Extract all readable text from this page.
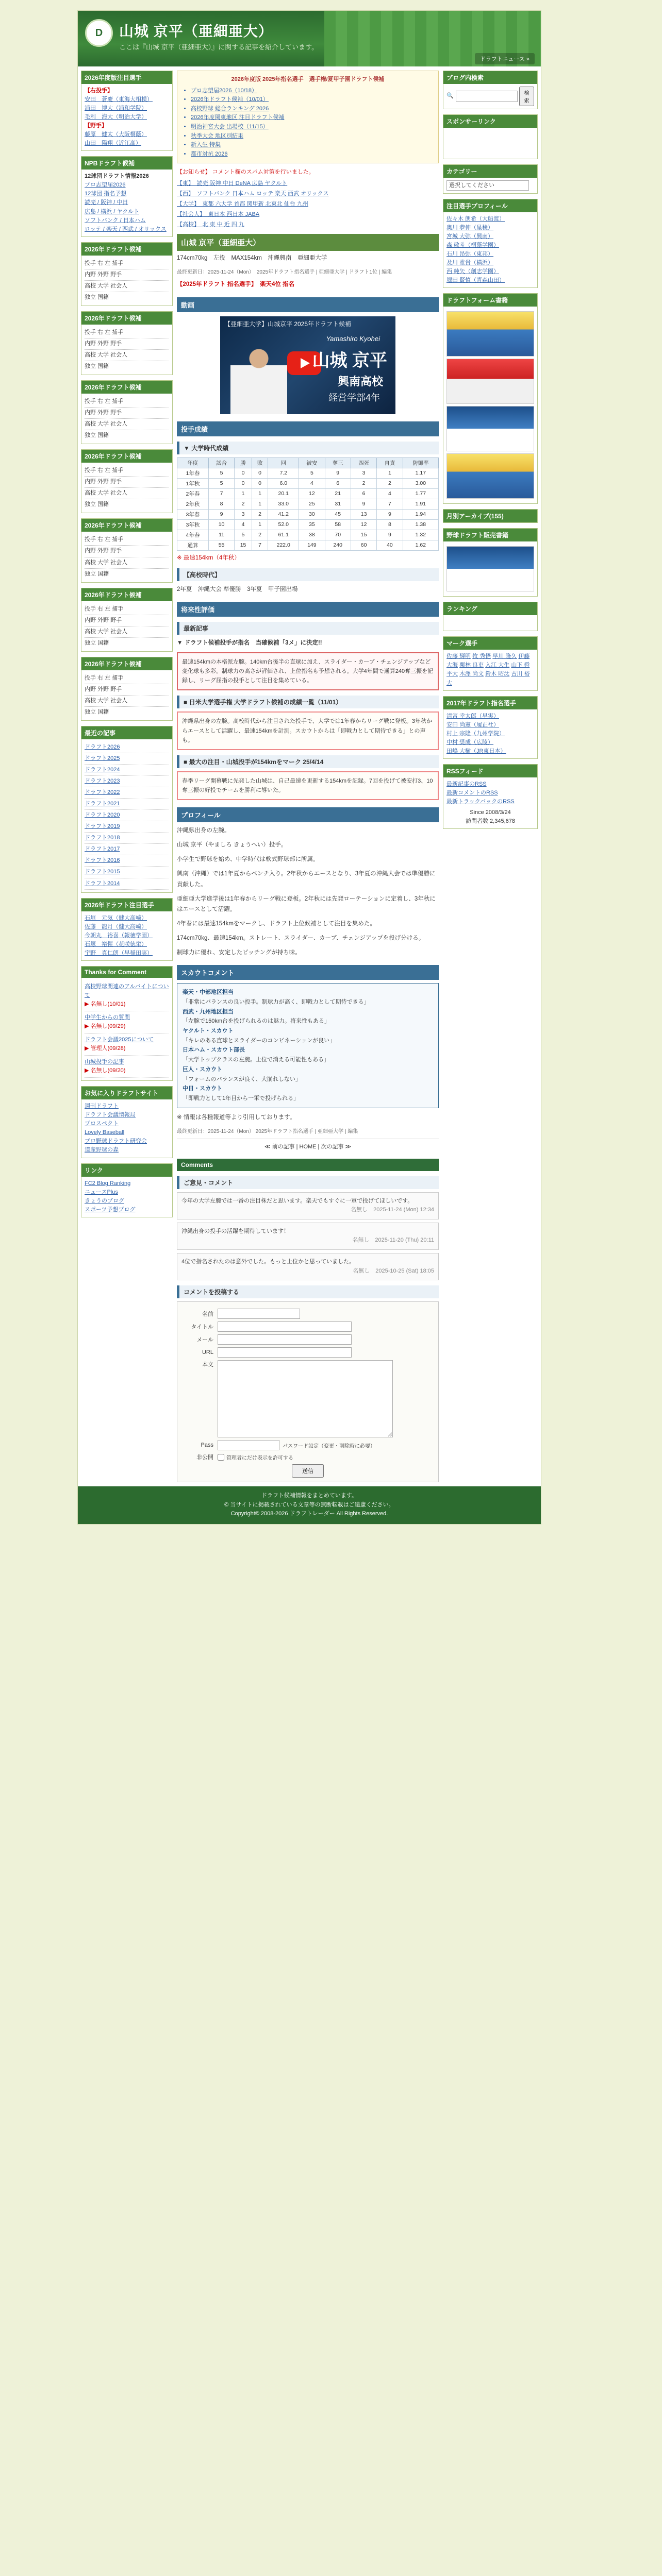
D	山城 京平（亜細亜大）
ここは『山城 京平（亜細亜大）』に関する記事を紹介しています。
ドラフトニュース »
2026年度版注目選手
【右投手】
安田　蒼慶（東海大相模）
浦田　博大（浦和学院）
毛利　海大（明治大学）
【野手】
藤原　健太（大阪桐蔭）
山田　陽翔（近江高）
NPBドラフト候補
12球団ドラフト情報2026
プロ志望届2026
12球団 指名予想
読売 / 阪神 / 中日
広島 / 横浜 / ヤクルト
ソフトバンク / 日本ハム
ロッテ / 楽天 / 西武 / オリックス
2026年ドラフト候補
投手 右 左 捕手
内野 外野 野手
高校 大学 社会人
独立 国籍
2026年ドラフト候補
投手 右 左 捕手
内野 外野 野手
高校 大学 社会人
独立 国籍
2026年ドラフト候補
投手 右 左 捕手
内野 外野 野手
高校 大学 社会人
独立 国籍
2026年ドラフト候補
投手 右 左 捕手
内野 外野 野手
高校 大学 社会人
独立 国籍
2026年ドラフト候補
投手 右 左 捕手
内野 外野 野手
高校 大学 社会人
独立 国籍
2026年ドラフト候補
投手 右 左 捕手
内野 外野 野手
高校 大学 社会人
独立 国籍
2026年ドラフト候補
投手 右 左 捕手
内野 外野 野手
高校 大学 社会人
独立 国籍
最近の記事
ドラフト2026
ドラフト2025
ドラフト2024
ドラフト2023
ドラフト2022
ドラフト2021
ドラフト2020
ドラフト2019
ドラフト2018
ドラフト2017
ドラフト2016
ドラフト2015
ドラフト2014
2026年ドラフト注目選手
石垣　元気（健大高崎）
佐藤　龍月（健大高崎）
今朝丸　裕喜（報徳学園）
石塚　裕惺（花咲徳栄）
宇野　真仁朗（早稲田実）
Thanks for Comment
高校野球関連のアルバイトについて
▶ 名無し(10/01)
中学生からの質問
▶ 名無し(09/29)
ドラフト会議2025について
▶ 管理人(09/28)
山城投手の記事
▶ 名無し(09/20)
お気に入りドラフトサイト
週刊ドラフト
ドラフト会議情報局
プロスペクト
Lovely Baseball
プロ野球ドラフト研究会
道産野球の森
リンク
FC2 Blog Ranking
ニュースPlus
きょうのブログ
スポーツ予想ブログ
2026年度版 2025年指名選手　選手権/夏甲子園ドラフト候補
• プロ志望届2026（10/18）
• 2026年ドラフト候補（10/01）
• 高校野球 総合ランキング 2026
• 2026年度関東地区 注目ドラフト候補
• 明治神宮大会 出場校（11/15）
• 秋季大会 地区別結果
• 新入生 特集
• 都市対抗 2026
【お知らせ】 コメント欄のスパム対策を行いました。
【東】　読売 阪神 中日 DeNA 広島 ヤクルト
【西】　ソフトバンク 日本ハム ロッテ 楽天 西武 オリックス
【大学】　東都 六大学 首都 関甲新 北東北 仙台 九州
【社会人】　東日本 西日本 JABA
【高校】　北 東 中 近 四 九
山城 京平（亜細亜大）

174cm70kg　左投　MAX154km　沖縄興南　亜細亜大学

最終更新日：2025-11-24（Mon）　2025年ドラフト指名選手 | 亜細亜大学 | ドラフト1位 | 編集

【2025年ドラフト 指名選手】　楽天4位 指名

動画
【亜細亜大学】山城京平 2025年ドラフト候補
山城 京平
興南高校
経営学部4年
Yamashiro Kyohei
投手成績
▼ 大学時代成績
年度	試合	勝	敗	回	被安	奪三	四死	自責	防御率
1年春	5	0	0	7.2	5	9	3	1	1.17
1年秋	5	0	0	6.0	4	6	2	2	3.00
2年春	7	1	1	20.1	12	21	6	4	1.77
2年秋	8	2	1	33.0	25	31	9	7	1.91
3年春	9	3	2	41.2	30	45	13	9	1.94
3年秋	10	4	1	52.0	35	58	12	8	1.38
4年春	11	5	2	61.1	38	70	15	9	1.32
通算	55	15	7	222.0	149	240	60	40	1.62

※ 最速154km（4年秋）

【高校時代】

2年夏　沖縄大会 準優勝　3年夏　甲子園出場

将来性評価
最新記事

▼ ドラフト候補投手が指名　当確候補「3メ」に決定!!

最速154kmの本格派左腕。140km台後半の直球に加え、スライダー・カーブ・チェンジアップなど変化球も多彩。制球力の高さが評価され、上位指名も予想される。大学4年間で通算240奪三振を記録し、リーグ屈指の投手として注目を集めている。
■ 日米大学選手権 大学ドラフト候補の成績一覧（11/01）
沖縄県出身の左腕。高校時代から注目された投手で、大学では1年春からリーグ戦に登板。3年秋からエースとして活躍し、最速154kmを計測。スカウトからは「即戦力として期待できる」との声も。
■ 最大の注目・山城投手が154kmをマーク 25/4/14
春季リーグ開幕戦に先発した山城は、自己最速を更新する154kmを記録。7回を投げて被安打3、10奪三振の好投でチームを勝利に導いた。
プロフィール

沖縄県出身の左腕。

山城 京平（やましろ きょうへい）投手。

小学生で野球を始め、中学時代は軟式野球部に所属。

興南（沖縄）では1年夏からベンチ入り。2年秋からエースとなり、3年夏の沖縄大会では準優勝に貢献した。

亜細亜大学進学後は1年春からリーグ戦に登板。2年秋には先発ローテーションに定着し、3年秋にはエースとして活躍。

4年春には最速154kmをマークし、ドラフト上位候補として注目を集めた。

174cm70kg、最速154km。ストレート、スライダー、カーブ、チェンジアップを投げ分ける。

制球力に優れ、安定したピッチングが持ち味。

スカウトコメント
楽天・中部地区担当
「非常にバランスの良い投手。制球力が高く、即戦力として期待できる」
西武・九州地区担当
「左腕で150km台を投げられるのは魅力。将来性もある」
ヤクルト・スカウト
「キレのある直球とスライダーのコンビネーションが良い」
日本ハム・スカウト部長
「大学トップクラスの左腕。上位で消える可能性もある」
巨人・スカウト
「フォームのバランスが良く、大崩れしない」
中日・スカウト
「即戦力として1年目から一軍で投げられる」

※ 情報は各種報道等より引用しております。

最終更新日：2025-11-24（Mon） 2025年ドラフト指名選手 | 亜細亜大学 | 編集
≪ 前の記事 | HOME | 次の記事 ≫
Comments
ご意見・コメント
今年の大学左腕では一番の注目株だと思います。楽天でもすぐに一軍で投げてほしいです。
名無し　2025-11-24 (Mon) 12:34
沖縄出身の投手の活躍を期待しています！
名無し　2025-11-20 (Thu) 20:11
4位で指名されたのは意外でした。もっと上位かと思っていました。
名無し　2025-10-25 (Sat) 18:05
コメントを投稿する
名前
タイトル
メール
URL
本文
Pass	パスワード設定（変更・削除時に必要）
非公開	管理者にだけ表示を許可する
送信
ブログ内検索
🔍	検索
スポンサーリンク
カテゴリー
選択してください
注目選手プロフィール
佐々木 朗希（大船渡）
奥川 恭伸（星稜）
宮城 大弥（興南）
森 敬斗（桐蔭学園）
石川 昂弥（東邦）
及川 雅貴（横浜）
西 純矢（創志学園）
堀田 賢慎（青森山田）
ドラフトフォーム書籍
月別アーカイブ(155)
野球ドラフト販売書籍
ランキング
マーク選手
佐藤 輝明 牧 秀悟 早川 隆久 伊藤 大海 栗林 良吏 入江 大生 山下 舜平大 木澤 尚文 鈴木 昭汰 古川 裕大
2017年ドラフト指名選手
清宮 幸太郎（早実）
安田 尚憲（履正社）
村上 宗隆（九州学院）
中村 奨成（広陵）
田嶋 大樹（JR東日本）
RSSフィード
最新記事のRSS
最新コメントのRSS
最新トラックバックのRSS
Since 2008/3/24
訪問者数 2,345,678
ドラフト候補情報をまとめています。
© 当サイトに掲載されている文章等の無断転載はご遠慮ください。
Copyright© 2008-2026 ドラフトレーダー All Rights Reserved.
